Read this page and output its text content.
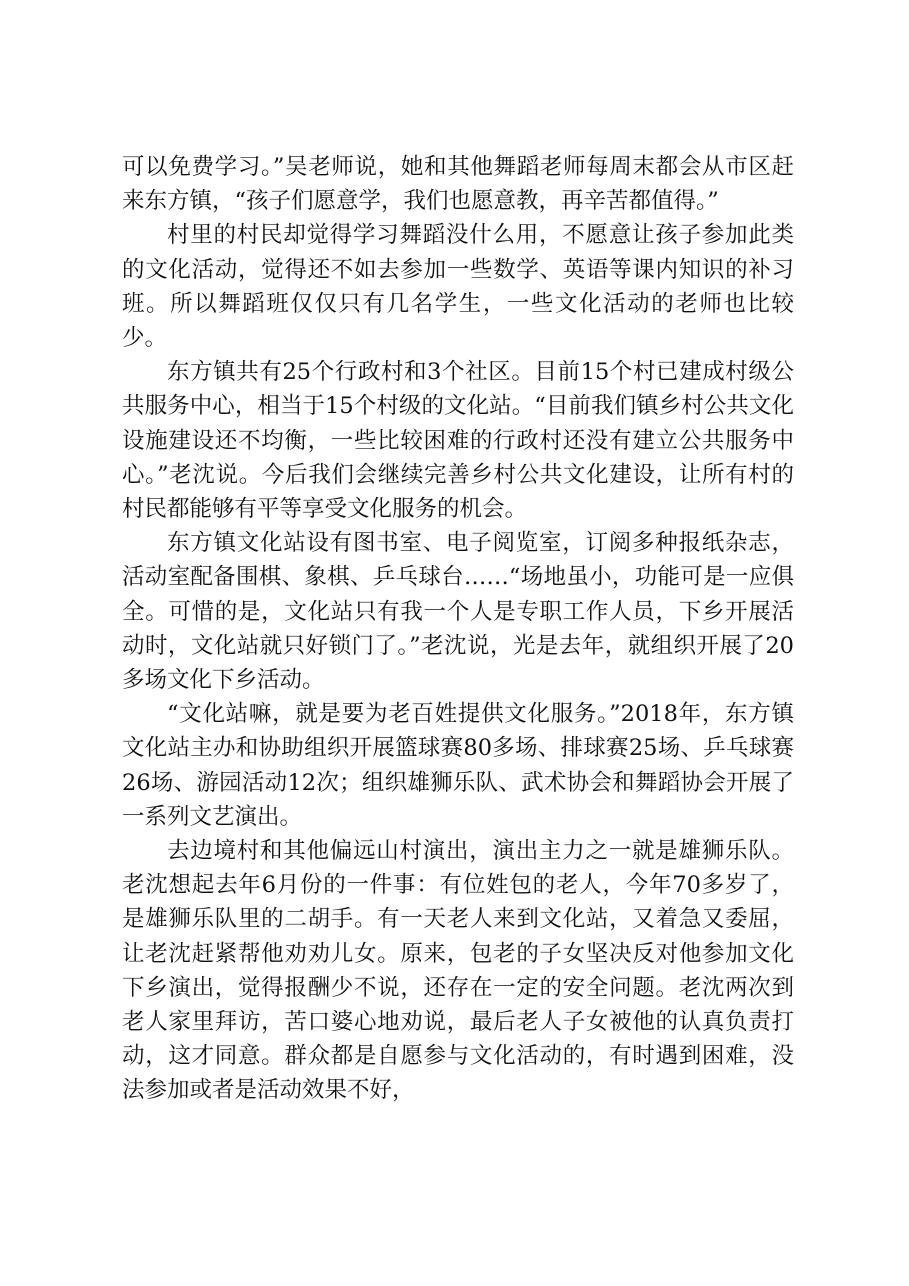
可以免费学习。”吴老师说，她和其他舞蹈老师每周末都会从市区赶来东方镇，“孩子们愿意学，我们也愿意教，再辛苦都值得。”

村里的村民却觉得学习舞蹈没什么用，不愿意让孩子参加此类的文化活动，觉得还不如去参加一些数学、英语等课内知识的补习班。所以舞蹈班仅仅只有几名学生，一些文化活动的老师也比较少。

东方镇共有25个行政村和3个社区。目前15个村已建成村级公共服务中心，相当于15个村级的文化站。“目前我们镇乡村公共文化设施建设还不均衡，一些比较困难的行政村还没有建立公共服务中心。”老沈说。今后我们会继续完善乡村公共文化建设，让所有村的村民都能够有平等享受文化服务的机会。

东方镇文化站设有图书室、电子阅览室，订阅多种报纸杂志，活动室配备围棋、象棋、乒乓球台……“场地虽小，功能可是一应俱全。可惜的是，文化站只有我一个人是专职工作人员，下乡开展活动时，文化站就只好锁门了。”老沈说，光是去年，就组织开展了20多场文化下乡活动。

“文化站嘛，就是要为老百姓提供文化服务。”2018年，东方镇文化站主办和协助组织开展篮球赛80多场、排球赛25场、乒乓球赛26场、游园活动12次；组织雄狮乐队、武术协会和舞蹈协会开展了一系列文艺演出。

去边境村和其他偏远山村演出，演出主力之一就是雄狮乐队。老沈想起去年6月份的一件事：有位姓包的老人，今年70多岁了，是雄狮乐队里的二胡手。有一天老人来到文化站，又着急又委屈，让老沈赶紧帮他劝劝儿女。原来，包老的子女坚决反对他参加文化下乡演出，觉得报酬少不说，还存在一定的安全问题。老沈两次到老人家里拜访，苦口婆心地劝说，最后老人子女被他的认真负责打动，这才同意。群众都是自愿参与文化活动的，有时遇到困难，没法参加或者是活动效果不好，
